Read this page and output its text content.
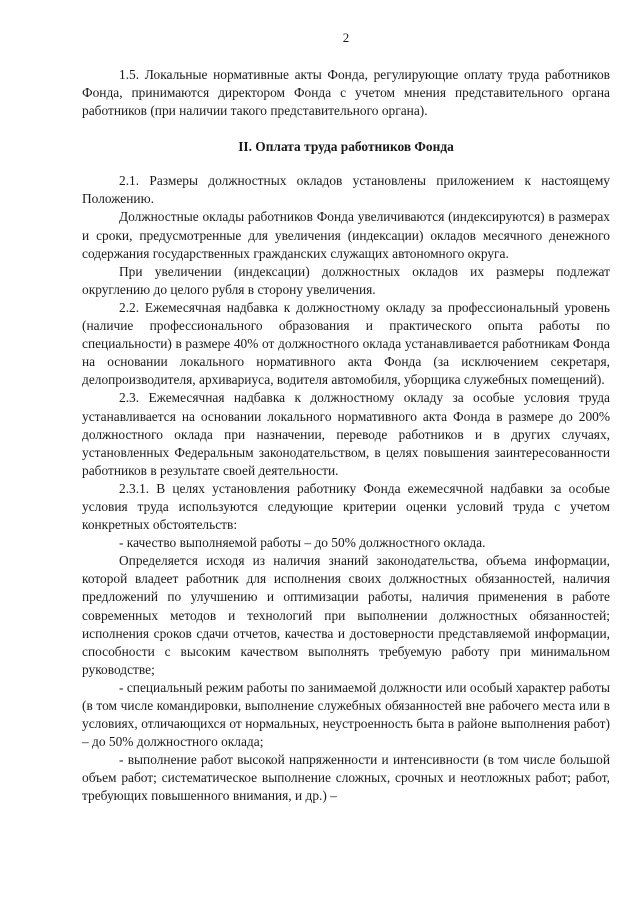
2

1.5. Локальные нормативные акты Фонда, регулирующие оплату труда работников Фонда, принимаются директором Фонда с учетом мнения представительного органа работников (при наличии такого представительного органа).

II. Оплата труда работников Фонда

2.1. Размеры должностных окладов установлены приложением к настоящему Положению.

Должностные оклады работников Фонда увеличиваются (индексируются) в размерах и сроки, предусмотренные для увеличения (индексации) окладов месячного денежного содержания государственных гражданских служащих автономного округа.

При увеличении (индексации) должностных окладов их размеры подлежат округлению до целого рубля в сторону увеличения.

2.2. Ежемесячная надбавка к должностному окладу за профессиональный уровень (наличие профессионального образования и практического опыта работы по специальности) в размере 40% от должностного оклада устанавливается работникам Фонда на основании локального нормативного акта Фонда (за исключением секретаря, делопроизводителя, архивариуса, водителя автомобиля, уборщика служебных помещений).

2.3. Ежемесячная надбавка к должностному окладу за особые условия труда устанавливается на основании локального нормативного акта Фонда в размере до 200% должностного оклада при назначении, переводе работников и в других случаях, установленных Федеральным законодательством, в целях повышения заинтересованности работников в результате своей деятельности.

2.3.1. В целях установления работнику Фонда ежемесячной надбавки за особые условия труда используются следующие критерии оценки условий труда с учетом конкретных обстоятельств:

- качество выполняемой работы – до 50% должностного оклада.

Определяется исходя из наличия знаний законодательства, объема информации, которой владеет работник для исполнения своих должностных обязанностей, наличия предложений по улучшению и оптимизации работы, наличия применения в работе современных методов и технологий при выполнении должностных обязанностей; исполнения сроков сдачи отчетов, качества и достоверности представляемой информации, способности с высоким качеством выполнять требуемую работу при минимальном руководстве;

- специальный режим работы по занимаемой должности или особый характер работы (в том числе командировки, выполнение служебных обязанностей вне рабочего места или в условиях, отличающихся от нормальных, неустроенность быта в районе выполнения работ) – до 50% должностного оклада;

- выполнение работ высокой напряженности и интенсивности (в том числе большой объем работ; систематическое выполнение сложных, срочных и неотложных работ; работ, требующих повышенного внимания, и др.) –
